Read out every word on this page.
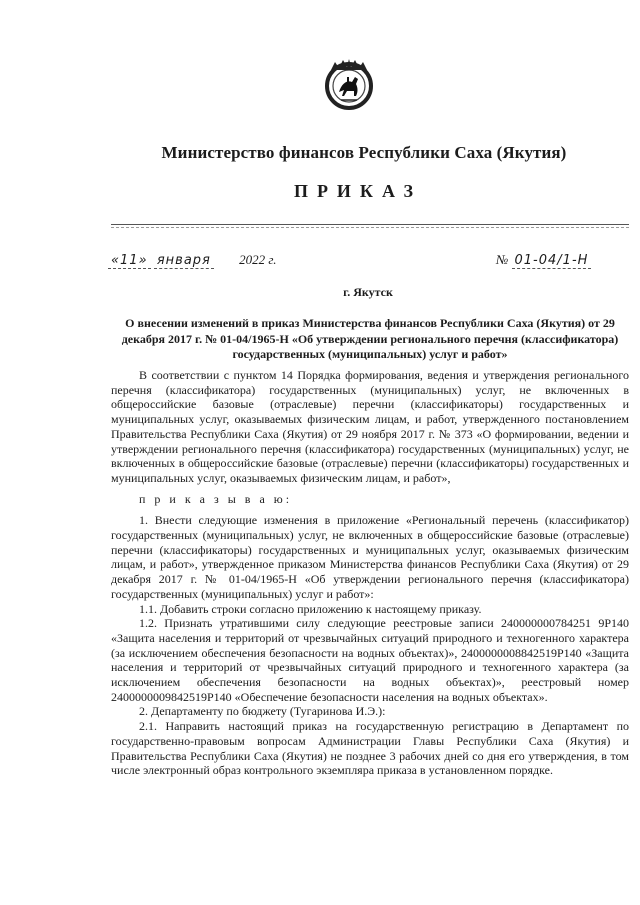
Министерство финансов Республики Саха (Якутия)
ПРИКАЗ
«11» января 2022 г.	№ 01-04/1-Н
г. Якутск
О внесении изменений в приказ Министерства финансов Республики Саха (Якутия) от 29 декабря 2017 г. № 01-04/1965-Н «Об утверждении регионального перечня (классификатора) государственных (муниципальных) услуг и работ»

В соответствии с пунктом 14 Порядка формирования, ведения и утверждения регионального перечня (классификатора) государственных (муниципальных) услуг, не включенных в общероссийские базовые (отраслевые) перечни (классификаторы) государственных и муниципальных услуг, оказываемых физическим лицам, и работ, утвержденного постановлением Правительства Республики Саха (Якутия) от 29 ноября 2017 г. № 373 «О формировании, ведении и утверждении регионального перечня (классификатора) государственных (муниципальных) услуг, не включенных в общероссийские базовые (отраслевые) перечни (классификаторы) государственных и муниципальных услуг, оказываемых физическим лицам, и работ»,

п р и к а з ы в а ю:

1. Внести следующие изменения в приложение «Региональный перечень (классификатор) государственных (муниципальных) услуг, не включенных в общероссийские базовые (отраслевые) перечни (классификаторы) государственных и муниципальных услуг, оказываемых физическим лицам, и работ», утвержденное приказом Министерства финансов Республики Саха (Якутия) от 29 декабря 2017 г. № 01-04/1965-Н «Об утверждении регионального перечня (классификатора) государственных (муниципальных) услуг и работ»:

1.1. Добавить строки согласно приложению к настоящему приказу.

1.2. Признать утратившими силу следующие реестровые записи 240000000784251 9Р140 «Защита населения и территорий от чрезвычайных ситуаций природного и техногенного характера (за исключением обеспечения безопасности на водных объектах)», 2400000008842519Р140 «Защита населения и территорий от чрезвычайных ситуаций природного и техногенного характера (за исключением обеспечения безопасности на водных объектах)», реестровый номер 2400000009842519Р140 «Обеспечение безопасности населения на водных объектах».

2. Департаменту по бюджету (Тугаринова И.Э.):

2.1. Направить настоящий приказ на государственную регистрацию в Департамент по государственно-правовым вопросам Администрации Главы Республики Саха (Якутия) и Правительства Республики Саха (Якутия) не позднее 3 рабочих дней со дня его утверждения, в том числе электронный образ контрольного экземпляра приказа в установленном порядке.
